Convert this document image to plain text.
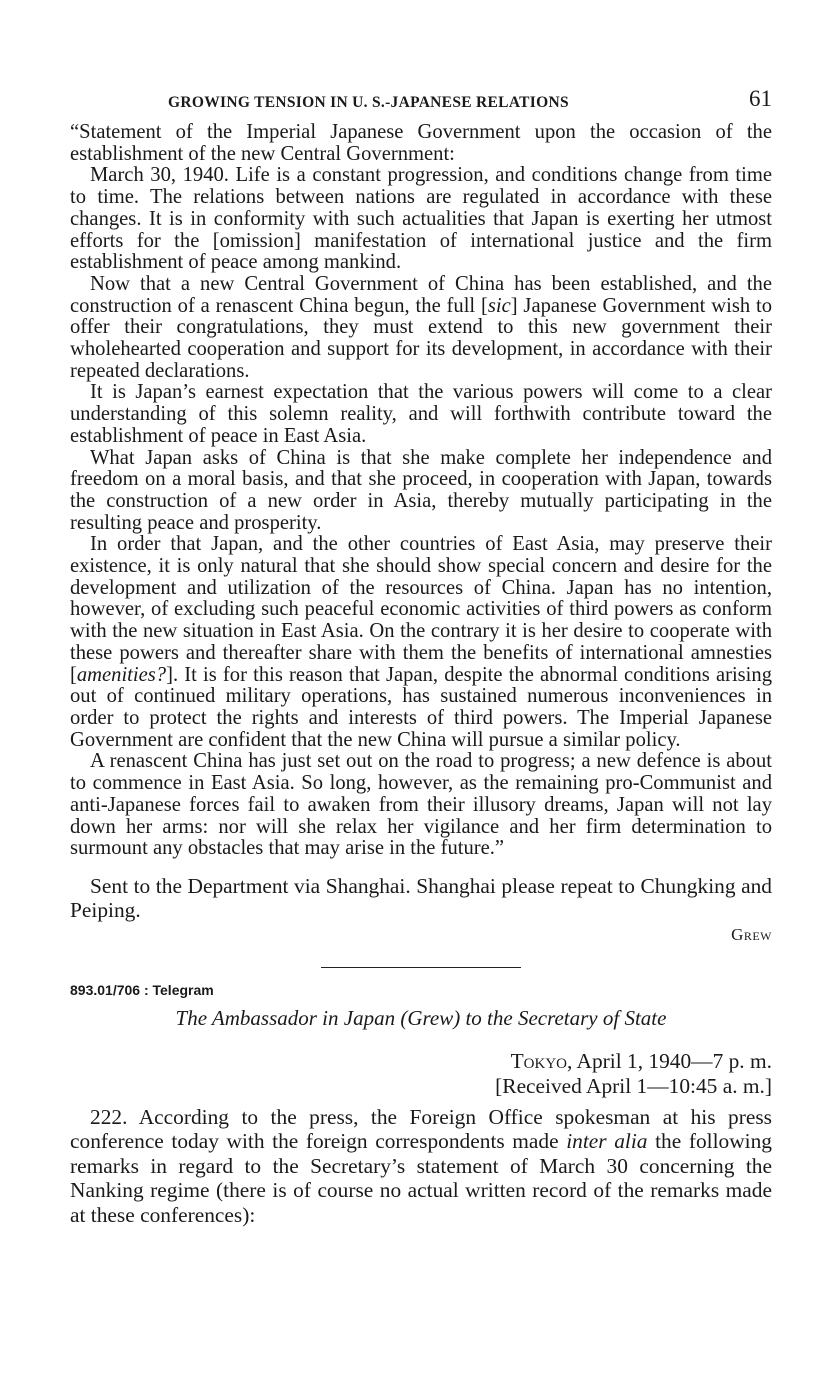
GROWING TENSION IN U. S.-JAPANESE RELATIONS	61

“Statement of the Imperial Japanese Government upon the occasion of the establishment of the new Central Government:

March 30, 1940. Life is a constant progression, and conditions change from time to time. The relations between nations are regulated in accordance with these changes. It is in conformity with such actualities that Japan is exerting her utmost efforts for the [omission] manifestation of international justice and the firm establishment of peace among mankind.

Now that a new Central Government of China has been established, and the construction of a renascent China begun, the full [sic] Japanese Government wish to offer their congratulations, they must extend to this new government their wholehearted cooperation and support for its development, in accordance with their repeated declarations.

It is Japan’s earnest expectation that the various powers will come to a clear understanding of this solemn reality, and will forthwith contribute toward the establishment of peace in East Asia.

What Japan asks of China is that she make complete her independence and freedom on a moral basis, and that she proceed, in cooperation with Japan, towards the construction of a new order in Asia, thereby mutually participating in the resulting peace and prosperity.

In order that Japan, and the other countries of East Asia, may preserve their existence, it is only natural that she should show special concern and desire for the development and utilization of the resources of China. Japan has no intention, however, of excluding such peaceful economic activities of third powers as conform with the new situation in East Asia. On the contrary it is her desire to cooperate with these powers and thereafter share with them the benefits of international amnesties [amenities?]. It is for this reason that Japan, despite the abnormal conditions arising out of continued military operations, has sustained numerous inconveniences in order to protect the rights and interests of third powers. The Imperial Japanese Government are confident that the new China will pursue a similar policy.

A renascent China has just set out on the road to progress; a new defence is about to commence in East Asia. So long, however, as the remaining pro-Communist and anti-Japanese forces fail to awaken from their illusory dreams, Japan will not lay down her arms: nor will she relax her vigilance and her firm determination to surmount any obstacles that may arise in the future.”

Sent to the Department via Shanghai. Shanghai please repeat to Chungking and Peiping.

Grew
893.01/706 : Telegram
The Ambassador in Japan (Grew) to the Secretary of State
Tokyo, April 1, 1940—7 p. m.
[Received April 1—10:45 a. m.]

222. According to the press, the Foreign Office spokesman at his press conference today with the foreign correspondents made inter alia the following remarks in regard to the Secretary’s statement of March 30 concerning the Nanking regime (there is of course no actual written record of the remarks made at these conferences):
